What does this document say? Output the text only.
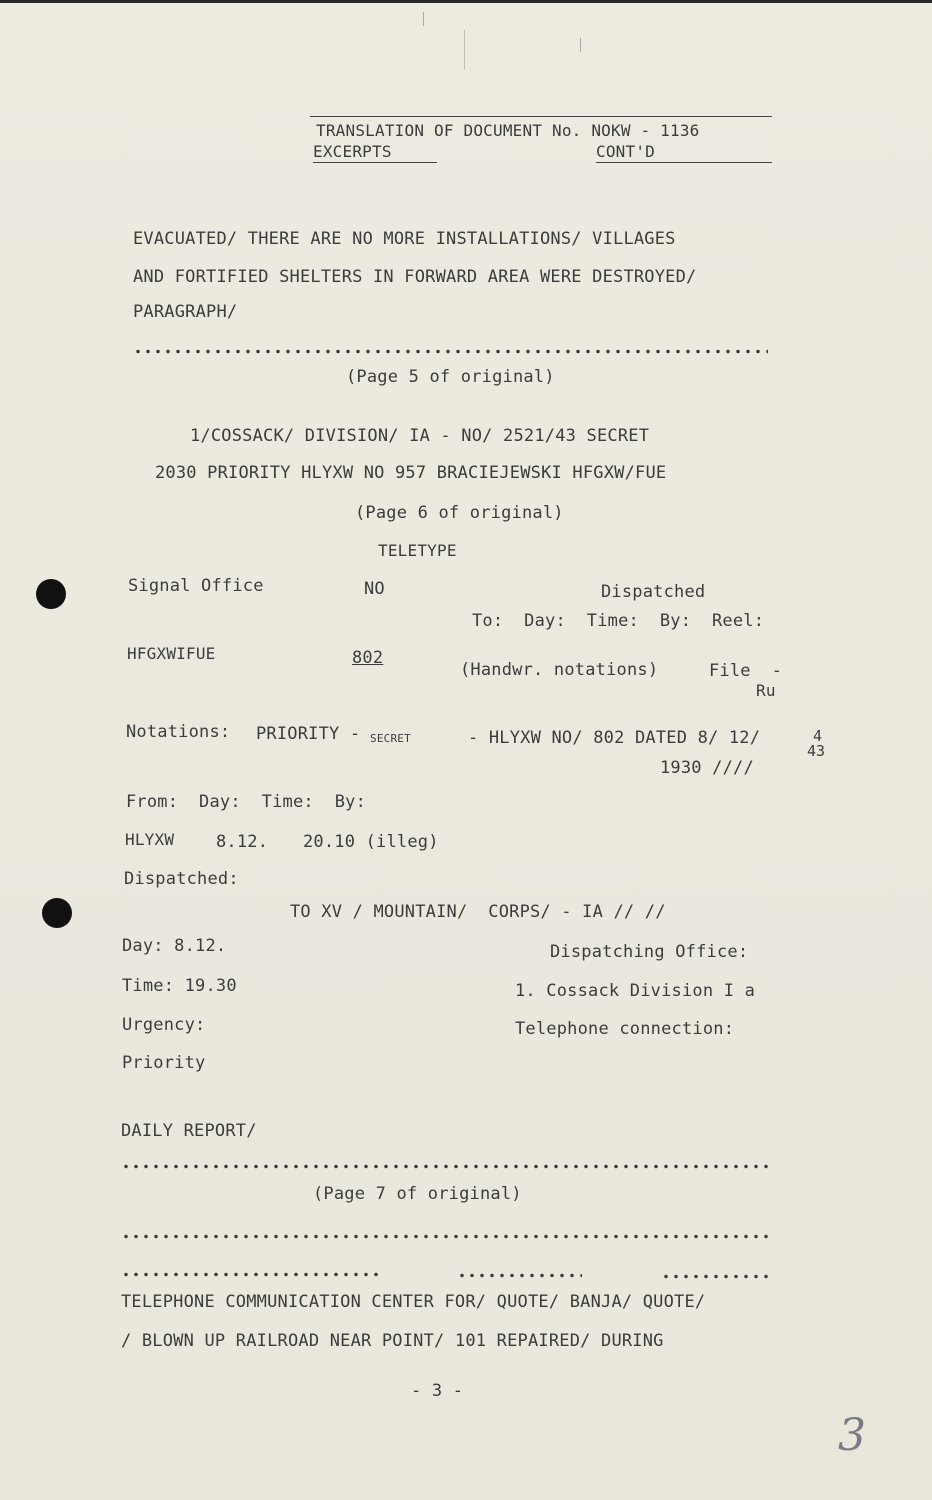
TRANSLATION OF DOCUMENT No. NOKW - 1136
EXCERPTS	CONT'D
EVACUATED/ THERE ARE NO MORE INSTALLATIONS/ VILLAGES
AND FORTIFIED SHELTERS IN FORWARD AREA WERE DESTROYED/
PARAGRAPH/
(Page 5 of original)
1/COSSACK/ DIVISION/ IA - NO/ 2521/43 SECRET
2030 PRIORITY HLYXW NO 957 BRACIEJEWSKI HFGXW/FUE
(Page 6 of original)
TELETYPE
Signal Office	NO	Dispatched
To:  Day:  Time:  By:  Reel:
HFGXWIFUE	802
(Handwr. notations)	File  -
Ru
Notations: PRIORITY - SECRET	- HLYXW NO/ 802 DATED 8/ 12/	4
43
1930 ////
From:  Day:  Time:  By:
HLYXW 8.12. 20.10 (illeg)
Dispatched:
TO XV / MOUNTAIN/  CORPS/ - IA // //
Day: 8.12.	Dispatching Office:
Time: 19.30	1. Cossack Division I a
Urgency:	Telephone connection:
Priority
DAILY REPORT/
(Page 7 of original)
TELEPHONE COMMUNICATION CENTER FOR/ QUOTE/ BANJA/ QUOTE/
/ BLOWN UP RAILROAD NEAR POINT/ 101 REPAIRED/ DURING
- 3 -
3
